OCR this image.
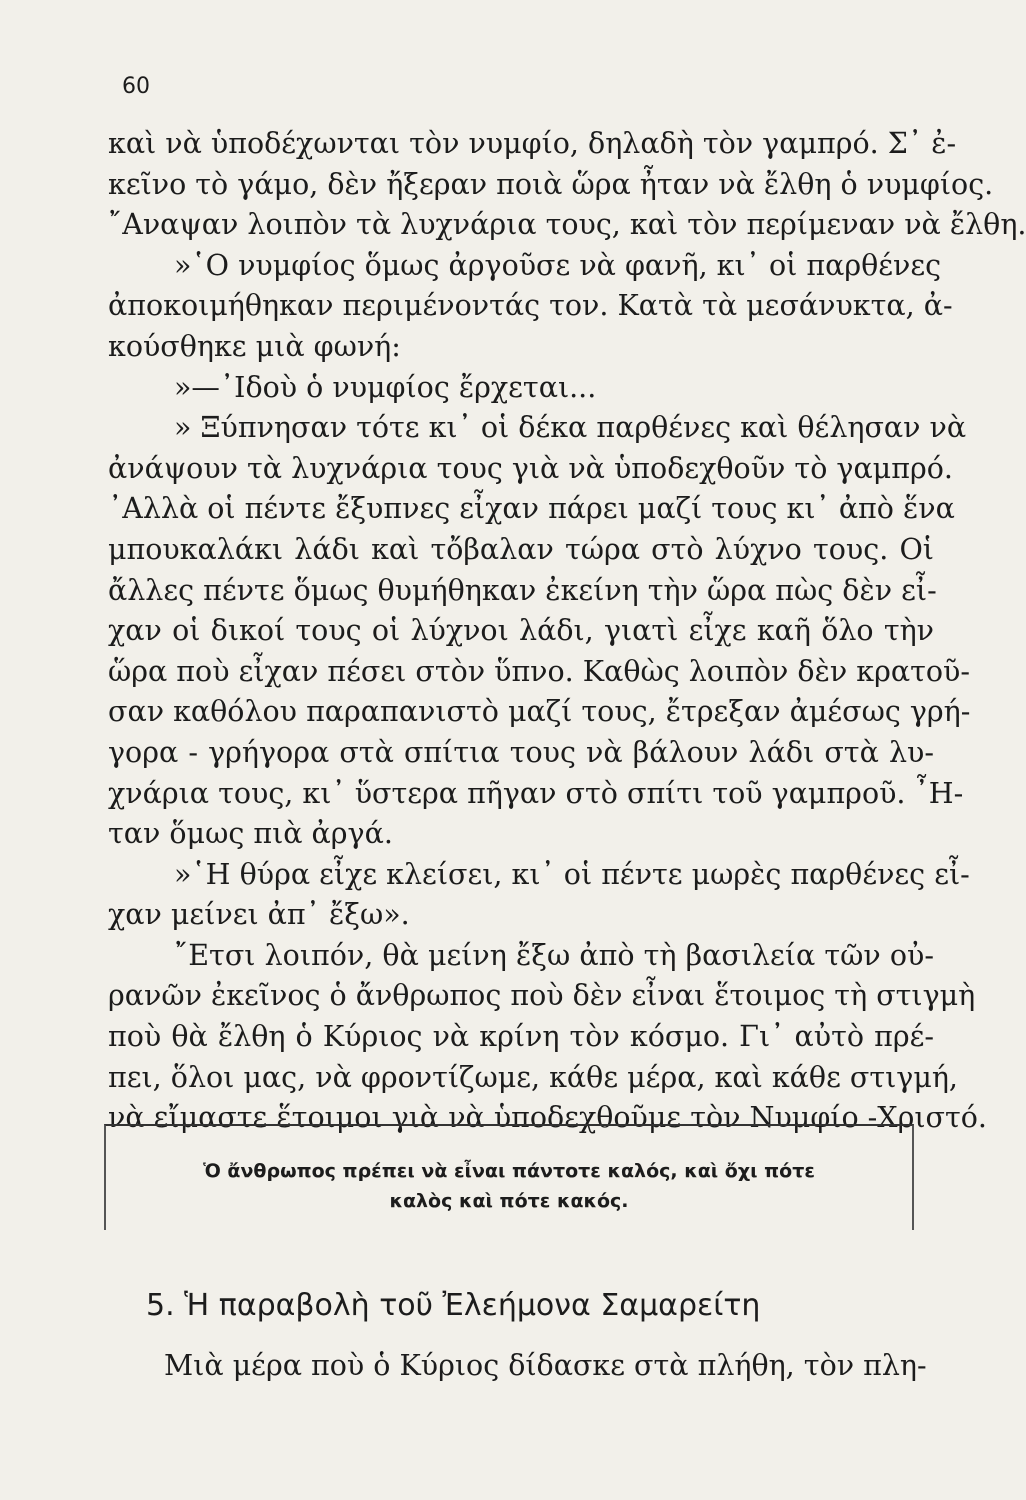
60
καὶ νὰ ὑποδέχωνται τὸν νυμφίο, δηλαδὴ τὸν γαμπρό. Σ᾿ ἐ-
κεῖνο τὸ γάμο, δὲν ἤξεραν ποιὰ ὥρα ἦταν νὰ ἔλθη ὁ νυμφίος.
῎Αναψαν λοιπὸν τὰ λυχνάρια τους, καὶ τὸν περίμεναν νὰ ἔλθη.
»῾Ο νυμφίος ὅμως ἀργοῦσε νὰ φανῆ, κι᾿ οἱ παρθένες
ἀποκοιμήθηκαν περιμένοντάς τον. Κατὰ τὰ μεσάνυκτα, ἀ-
κούσθηκε μιὰ φωνή:
»—᾿Ιδοὺ ὁ νυμφίος ἔρχεται...
» Ξύπνησαν τότε κι᾿ οἱ δέκα παρθένες καὶ θέλησαν νὰ
ἀνάψουν τὰ λυχνάρια τους γιὰ νὰ ὑποδεχθοῦν τὸ γαμπρό.
᾿Αλλὰ οἱ πέντε ἔξυπνες εἶχαν πάρει μαζί τους κι᾿ ἀπὸ ἕνα
μπουκαλάκι λάδι καὶ τὄβαλαν τώρα στὸ λύχνο τους. Οἱ
ἄλλες πέντε ὅμως θυμήθηκαν ἐκείνη τὴν ὥρα πὼς δὲν εἶ-
χαν οἱ δικοί τους οἱ λύχνοι λάδι, γιατὶ εἶχε καῆ ὅλο τὴν
ὥρα ποὺ εἶχαν πέσει στὸν ὕπνο. Καθὼς λοιπὸν δὲν κρατοῦ-
σαν καθόλου παραπανιστὸ μαζί τους, ἔτρεξαν ἀμέσως γρή-
γορα - γρήγορα στὰ σπίτια τους νὰ βάλουν λάδι στὰ λυ-
χνάρια τους, κι᾿ ὕστερα πῆγαν στὸ σπίτι τοῦ γαμπροῦ. ῏Η-
ταν ὅμως πιὰ ἀργά.
»῾Η θύρα εἶχε κλείσει, κι᾿ οἱ πέντε μωρὲς παρθένες εἶ-
χαν μείνει ἀπ᾿ ἔξω».
῎Ετσι λοιπόν, θὰ μείνη ἔξω ἀπὸ τὴ βασιλεία τῶν οὐ-
ρανῶν ἐκεῖνος ὁ ἄνθρωπος ποὺ δὲν εἶναι ἕτοιμος τὴ στιγμὴ
ποὺ θὰ ἔλθη ὁ Κύριος νὰ κρίνη τὸν κόσμο. Γι᾿ αὐτὸ πρέ-
πει, ὅλοι μας, νὰ φροντίζωμε, κάθε μέρα, καὶ κάθε στιγμή,
νὰ εἴμαστε ἕτοιμοι γιὰ νὰ ὑποδεχθοῦμε τὸν Νυμφίο -Χριστό.
Ὁ ἄνθρωπος πρέπει νὰ εἶναι πάντοτε καλός, καὶ ὄχι πότε
καλὸς καὶ πότε κακός.
5. Ἡ παραβολὴ τοῦ Ἐλεήμονα Σαμαρείτη
Μιὰ μέρα ποὺ ὁ Κύριος δίδασκε στὰ πλήθη, τὸν πλη-
